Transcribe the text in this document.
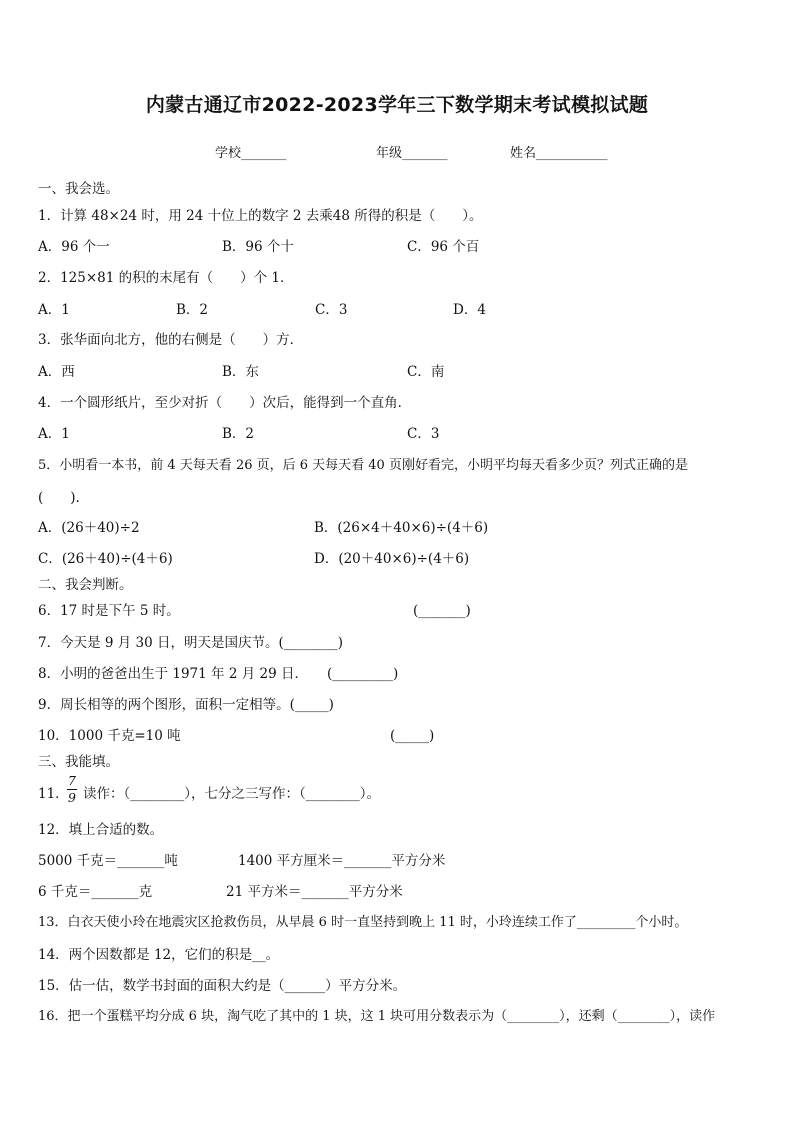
内蒙古通辽市2022-2023学年三下数学期末考试模拟试题
学校_______	年级_______	姓名___________
一、我会选。
1．计算 48×24 时，用 24 十位上的数字 2 去乘48 所得的积是（　　）。
A．96 个一	B．96 个十	C．96 个百
2．125×81 的积的末尾有（　　）个 1．
A．1	B．2	C．3	D．4
3．张华面向北方，他的右侧是（　　）方．
A．西	B．东	C．南
4．一个圆形纸片，至少对折（　　）次后，能得到一个直角．
A．1	B．2	C．3
5．小明看一本书，前 4 天每天看 26 页，后 6 天每天看 40 页刚好看完，小明平均每天看多少页？列式正确的是
(　　).
A．(26＋40)÷2	B．(26×4＋40×6)÷(4＋6)
C．(26＋40)÷(4＋6)	D．(20＋40×6)÷(4＋6)
二、我会判断。
6．17 时是下午 5 时。	(_______)
7．今天是 9 月 30 日，明天是国庆节。(________)
8．小明的爸爸出生于 1971 年 2 月 29 日． (_________)
9．周长相等的两个图形，面积一定相等。(_____)
10．1000 千克=10 吨	(_____)
三、我能填。
11．
$\frac{7}{9}$ 读作：（________），七分之三写作：（________）。
12．填上合适的数。
5000 千克＝_______吨	1400 平方厘米＝_______平方分米
6 千克＝_______克	21 平方米＝_______平方分米
13．白衣天使小玲在地震灾区抢救伤员，从早晨 6 时一直坚持到晚上 11 时，小玲连续工作了_________个小时。
14．两个因数都是 12，它们的积是__。
15．估一估，数学书封面的面积大约是（______）平方分米。
16．把一个蛋糕平均分成 6 块，淘气吃了其中的 1 块，这 1 块可用分数表示为（________），还剩（________），读作
